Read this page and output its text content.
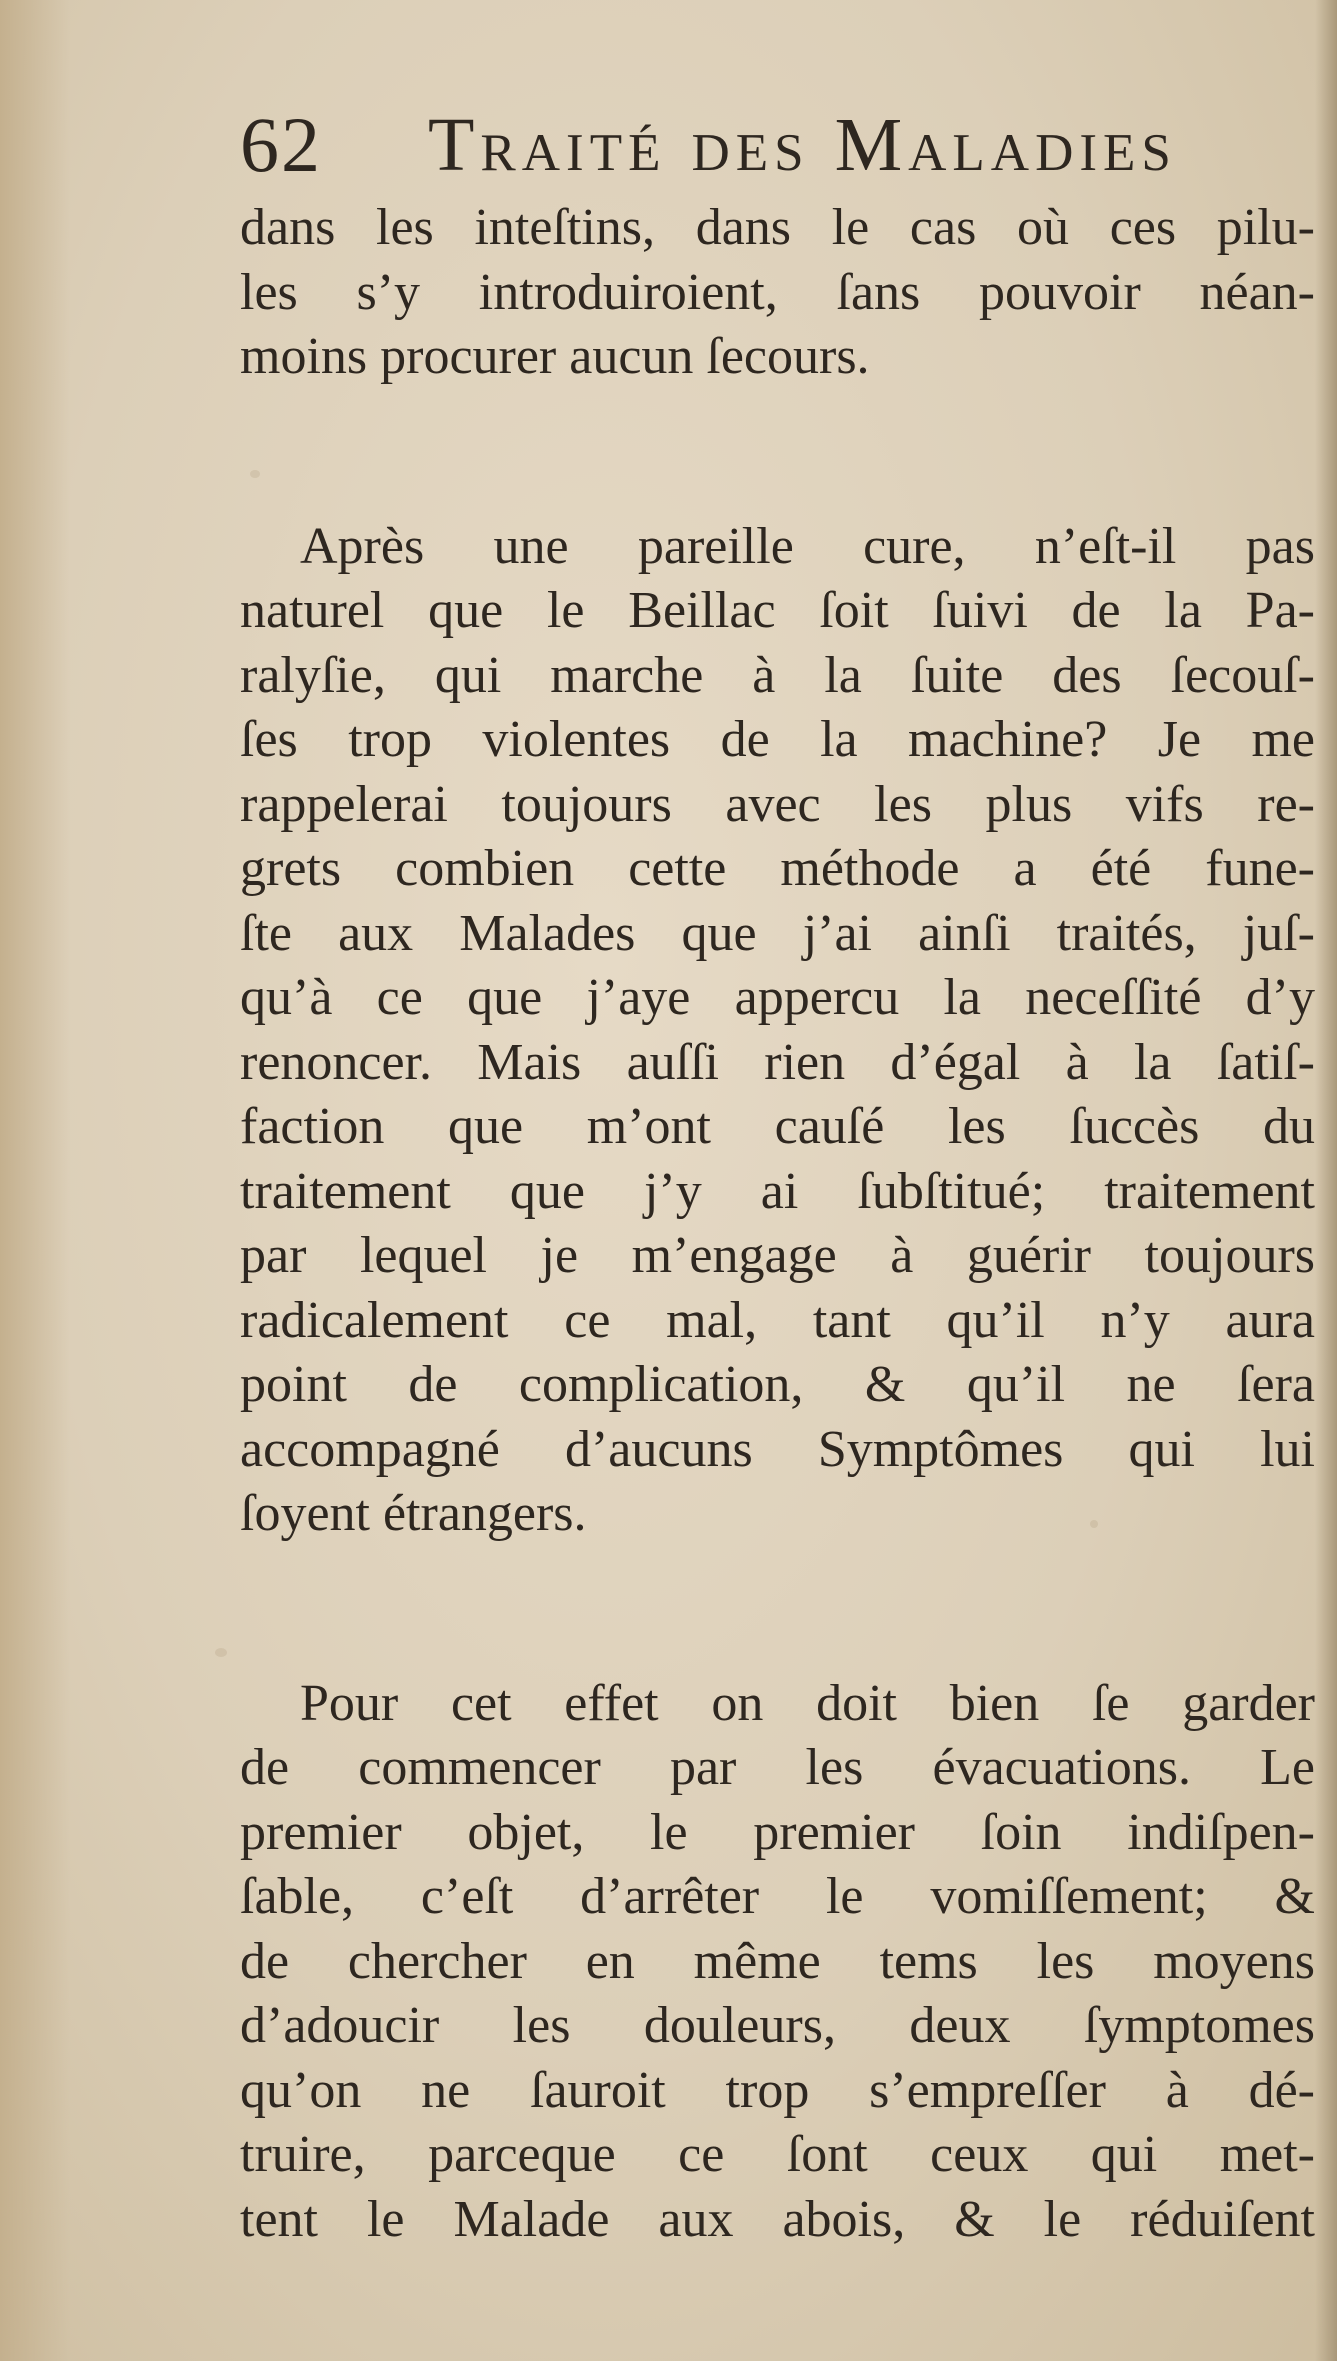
62 Traité des Maladies
dans les inteſtins, dans le cas où ces pilu-
les s’y introduiroient, ſans pouvoir néan-
moins procurer aucun ſecours.
Après une pareille cure, n’eſt-il pas
naturel que le Beillac ſoit ſuivi de la Pa-
ralyſie, qui marche à la ſuite des ſecouſ-
ſes trop violentes de la machine? Je me
rappelerai toujours avec les plus vifs re-
grets combien cette méthode a été fune-
ſte aux Malades que j’ai ainſi traités, juſ-
qu’à ce que j’aye appercu la neceſſité d’y
renoncer. Mais auſſi rien d’égal à la ſatiſ-
faction que m’ont cauſé les ſuccès du
traitement que j’y ai ſubſtitué; traitement
par lequel je m’engage à guérir toujours
radicalement ce mal, tant qu’il n’y aura
point de complication, & qu’il ne ſera
accompagné d’aucuns Symptômes qui lui
ſoyent étrangers.
Pour cet effet on doit bien ſe garder
de commencer par les évacuations. Le
premier objet, le premier ſoin indiſpen-
ſable, c’eſt d’arrêter le vomiſſement; &
de chercher en même tems les moyens
d’adoucir les douleurs, deux ſymptomes
qu’on ne ſauroit trop s’empreſſer à dé-
truire, parceque ce ſont ceux qui met-
tent le Malade aux abois, & le réduiſent
